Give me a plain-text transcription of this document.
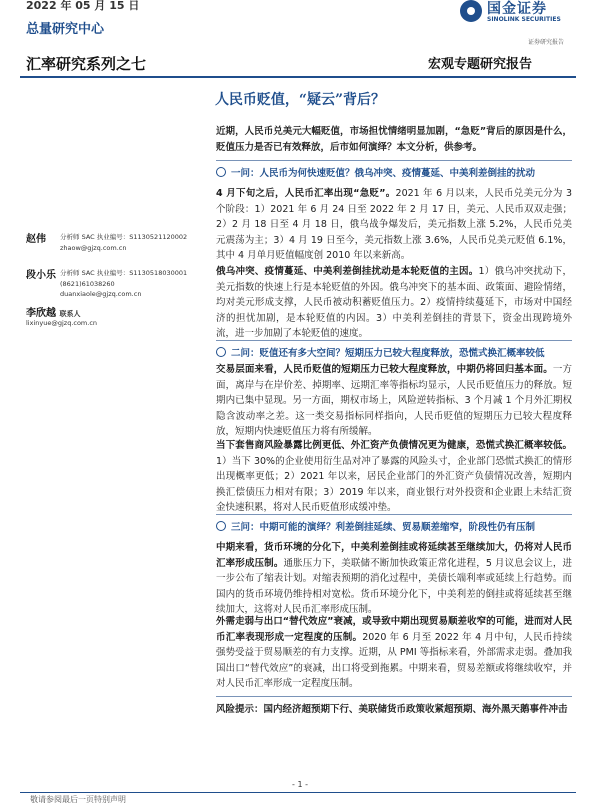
2022 年 05 月 15 日
总量研究中心
国金证券
SINOLINK SECURITIES
证券研究报告
汇率研究系列之七	宏观专题研究报告
人民币贬值，“疑云”背后？
赵伟 分析师 SAC 执业编号：S1130521120002
zhaow@gjzq.com.cn
段小乐 分析师 SAC 执业编号：S1130518030001
(8621)61038260
duanxiaole@gjzq.com.cn
李欣越 联系人
lixinyue@gjzq.com.cn
近期，人民币兑美元大幅贬值，市场担忧情绪明显加剧，“急贬”背后的原因是什么，贬值压力是否已有效释放，后市如何演绎？本文分析，供参考。
一问：人民币为何快速贬值？俄乌冲突、疫情蔓延、中美利差倒挂的扰动
4 月下旬之后，人民币汇率出现“急贬”。2021 年 6 月以来，人民币兑美元分为 3 个阶段：1）2021 年 6 月 24 日至 2022 年 2 月 17 日，美元、人民币双双走强；2）2 月 18 日至 4 月 18 日，俄乌战争爆发后，美元指数上涨 5.2%，人民币兑美元震荡为主；3）4 月 19 日至今，美元指数上涨 3.6%，人民币兑美元贬值 6.1%，其中 4 月单月贬值幅度创 2010 年以来新高。
俄乌冲突、疫情蔓延、中美利差倒挂扰动是本轮贬值的主因。1）俄乌冲突扰动下，美元指数的快速上行是本轮贬值的外因。俄乌冲突下的基本面、政策面、避险情绪，均对美元形成支撑，人民币被动积蓄贬值压力。2）疫情持续蔓延下，市场对中国经济的担忧加剧，是本轮贬值的内因。3）中美利差倒挂的背景下，资金出现跨境外流，进一步加剧了本轮贬值的速度。
二问：贬值还有多大空间？短期压力已较大程度释放，恐慌式换汇概率较低
交易层面来看，人民币贬值的短期压力已较大程度释放，中期仍将回归基本面。一方面，离岸与在岸价差、掉期率、远期汇率等指标均显示，人民币贬值压力的释放。短期内已集中显现。另一方面，期权市场上，风险逆转指标、3 个月减 1 个月外汇期权隐含波动率之差。这一类交易指标同样指向，人民币贬值的短期压力已较大程度释放，短期内快速贬值压力将有所缓解。
当下套售商风险暴露比例更低、外汇资产负债情况更为健康，恐慌式换汇概率较低。1）当下 30%的企业使用衍生品对冲了暴露的风险头寸，企业部门恐慌式换汇的情形出现概率更低；2）2021 年以来，居民企业部门的外汇资产负债情况改善，短期内换汇偿债压力相对有限；3）2019 年以来，商业银行对外投资和企业跟上未结汇资金快速积累，将对人民币贬值形成缓冲垫。
三问：中期可能的演绎？利差倒挂延续、贸易顺差缩窄，阶段性仍有压制
中期来看，货币环境的分化下，中美利差倒挂或将延续甚至继续加大，仍将对人民币汇率形成压制。通胀压力下，美联储不断加快政策正常化进程，5 月议息会议上，进一步公布了缩表计划。对缩表预期的消化过程中，美债长端利率或延续上行趋势。而国内的货币环境仍维持相对宽松。货币环境分化下，中美利差的倒挂或将延续甚至继续加大，这将对人民币汇率形成压制。
外需走弱与出口“替代效应”衰减，或导致中期出现贸易顺差收窄的可能，进而对人民币汇率表现形成一定程度的压制。2020 年 6 月至 2022 年 4 月中旬，人民币持续强势受益于贸易顺差的有力支撑。近期，从 PMI 等指标来看，外部需求走弱。叠加我国出口“替代效应”的衰减，出口将受到拖累。中期来看，贸易差额或将继续收窄，并对人民币汇率形成一定程度压制。
风险提示：国内经济超预期下行、美联储货币政策收紧超预期、海外黑天鹅事件冲击
- 1 -
敬请参阅最后一页特别声明
